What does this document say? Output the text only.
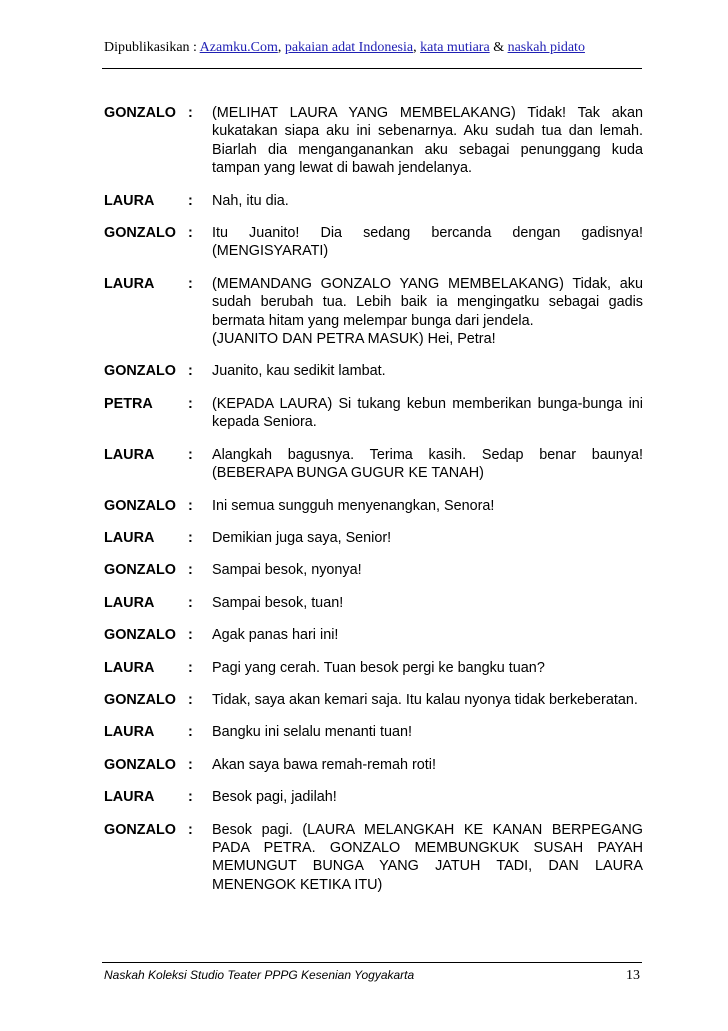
Dipublikasikan : Azamku.Com, pakaian adat Indonesia, kata mutiara & naskah pidato
GONZALO :	(MELIHAT LAURA YANG MEMBELAKANG) Tidak! Tak akan kukatakan siapa aku ini sebenarnya. Aku sudah tua dan lemah. Biarlah dia menganganankan aku sebagai penunggang kuda tampan yang lewat di bawah jendelanya.
LAURA	:	Nah, itu dia.
GONZALO :	Itu Juanito! Dia sedang bercanda dengan gadisnya! (MENGISYARATI)
LAURA	:	(MEMANDANG GONZALO YANG MEMBELAKANG) Tidak, aku sudah berubah tua. Lebih baik ia mengingatku sebagai gadis bermata hitam yang melempar bunga dari jendela.
(JUANITO DAN PETRA MASUK) Hei, Petra!
GONZALO :	Juanito, kau sedikit lambat.
PETRA	:	(KEPADA LAURA) Si tukang kebun memberikan bunga-bunga ini kepada Seniora.
LAURA	:	Alangkah bagusnya. Terima kasih. Sedap benar baunya! (BEBERAPA BUNGA GUGUR KE TANAH)
GONZALO :	Ini semua sungguh menyenangkan, Senora!
LAURA	:	Demikian juga saya, Senior!
GONZALO :	Sampai besok, nyonya!
LAURA	:	Sampai besok, tuan!
GONZALO :	Agak panas hari ini!
LAURA	:	Pagi yang cerah. Tuan besok pergi ke bangku tuan?
GONZALO :	Tidak, saya akan kemari saja. Itu kalau nyonya tidak berkeberatan.
LAURA	:	Bangku ini selalu menanti tuan!
GONZALO :	Akan saya bawa remah-remah roti!
LAURA	:	Besok pagi, jadilah!
GONZALO :	Besok pagi. (LAURA MELANGKAH KE KANAN BERPEGANG PADA PETRA. GONZALO MEMBUNGKUK SUSAH PAYAH MEMUNGUT BUNGA YANG JATUH TADI, DAN LAURA MENENGOK KETIKA ITU)
Naskah Koleksi Studio Teater PPPG Kesenian Yogyakarta	13
